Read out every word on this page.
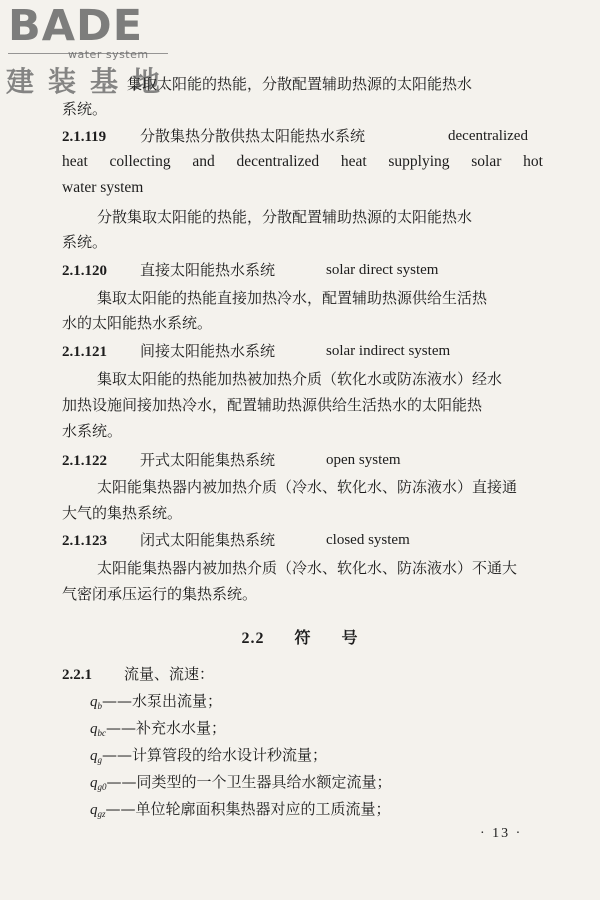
BADE
water system
建装基地
集取太阳能的热能，分散配置辅助热源的太阳能热水
系统。
2.1.119 分散集热分散供热太阳能热水系统	decentralized
heat collecting and decentralized heat supplying solar hot
water system
分散集取太阳能的热能，分散配置辅助热源的太阳能热水
系统。
2.1.120 直接太阳能热水系统	solar direct system
集取太阳能的热能直接加热冷水，配置辅助热源供给生活热
水的太阳能热水系统。
2.1.121 间接太阳能热水系统	solar indirect system
集取太阳能的热能加热被加热介质（软化水或防冻液水）经水
加热设施间接加热冷水，配置辅助热源供给生活热水的太阳能热
水系统。
2.1.122 开式太阳能集热系统	open system
太阳能集热器内被加热介质（冷水、软化水、防冻液水）直接通
大气的集热系统。
2.1.123 闭式太阳能集热系统	closed system
太阳能集热器内被加热介质（冷水、软化水、防冻液水）不通大
气密闭承压运行的集热系统。
2.2 符 号
2.2.1 流量、流速：
$q_b——$水泵出流量；
$q_{bc}——$补充水水量；
$q_g——$计算管段的给水设计秒流量；
$q_{g0}——$同类型的一个卫生器具给水额定流量；
$q_{gz}——$单位轮廓面积集热器对应的工质流量；
· 13 ·
